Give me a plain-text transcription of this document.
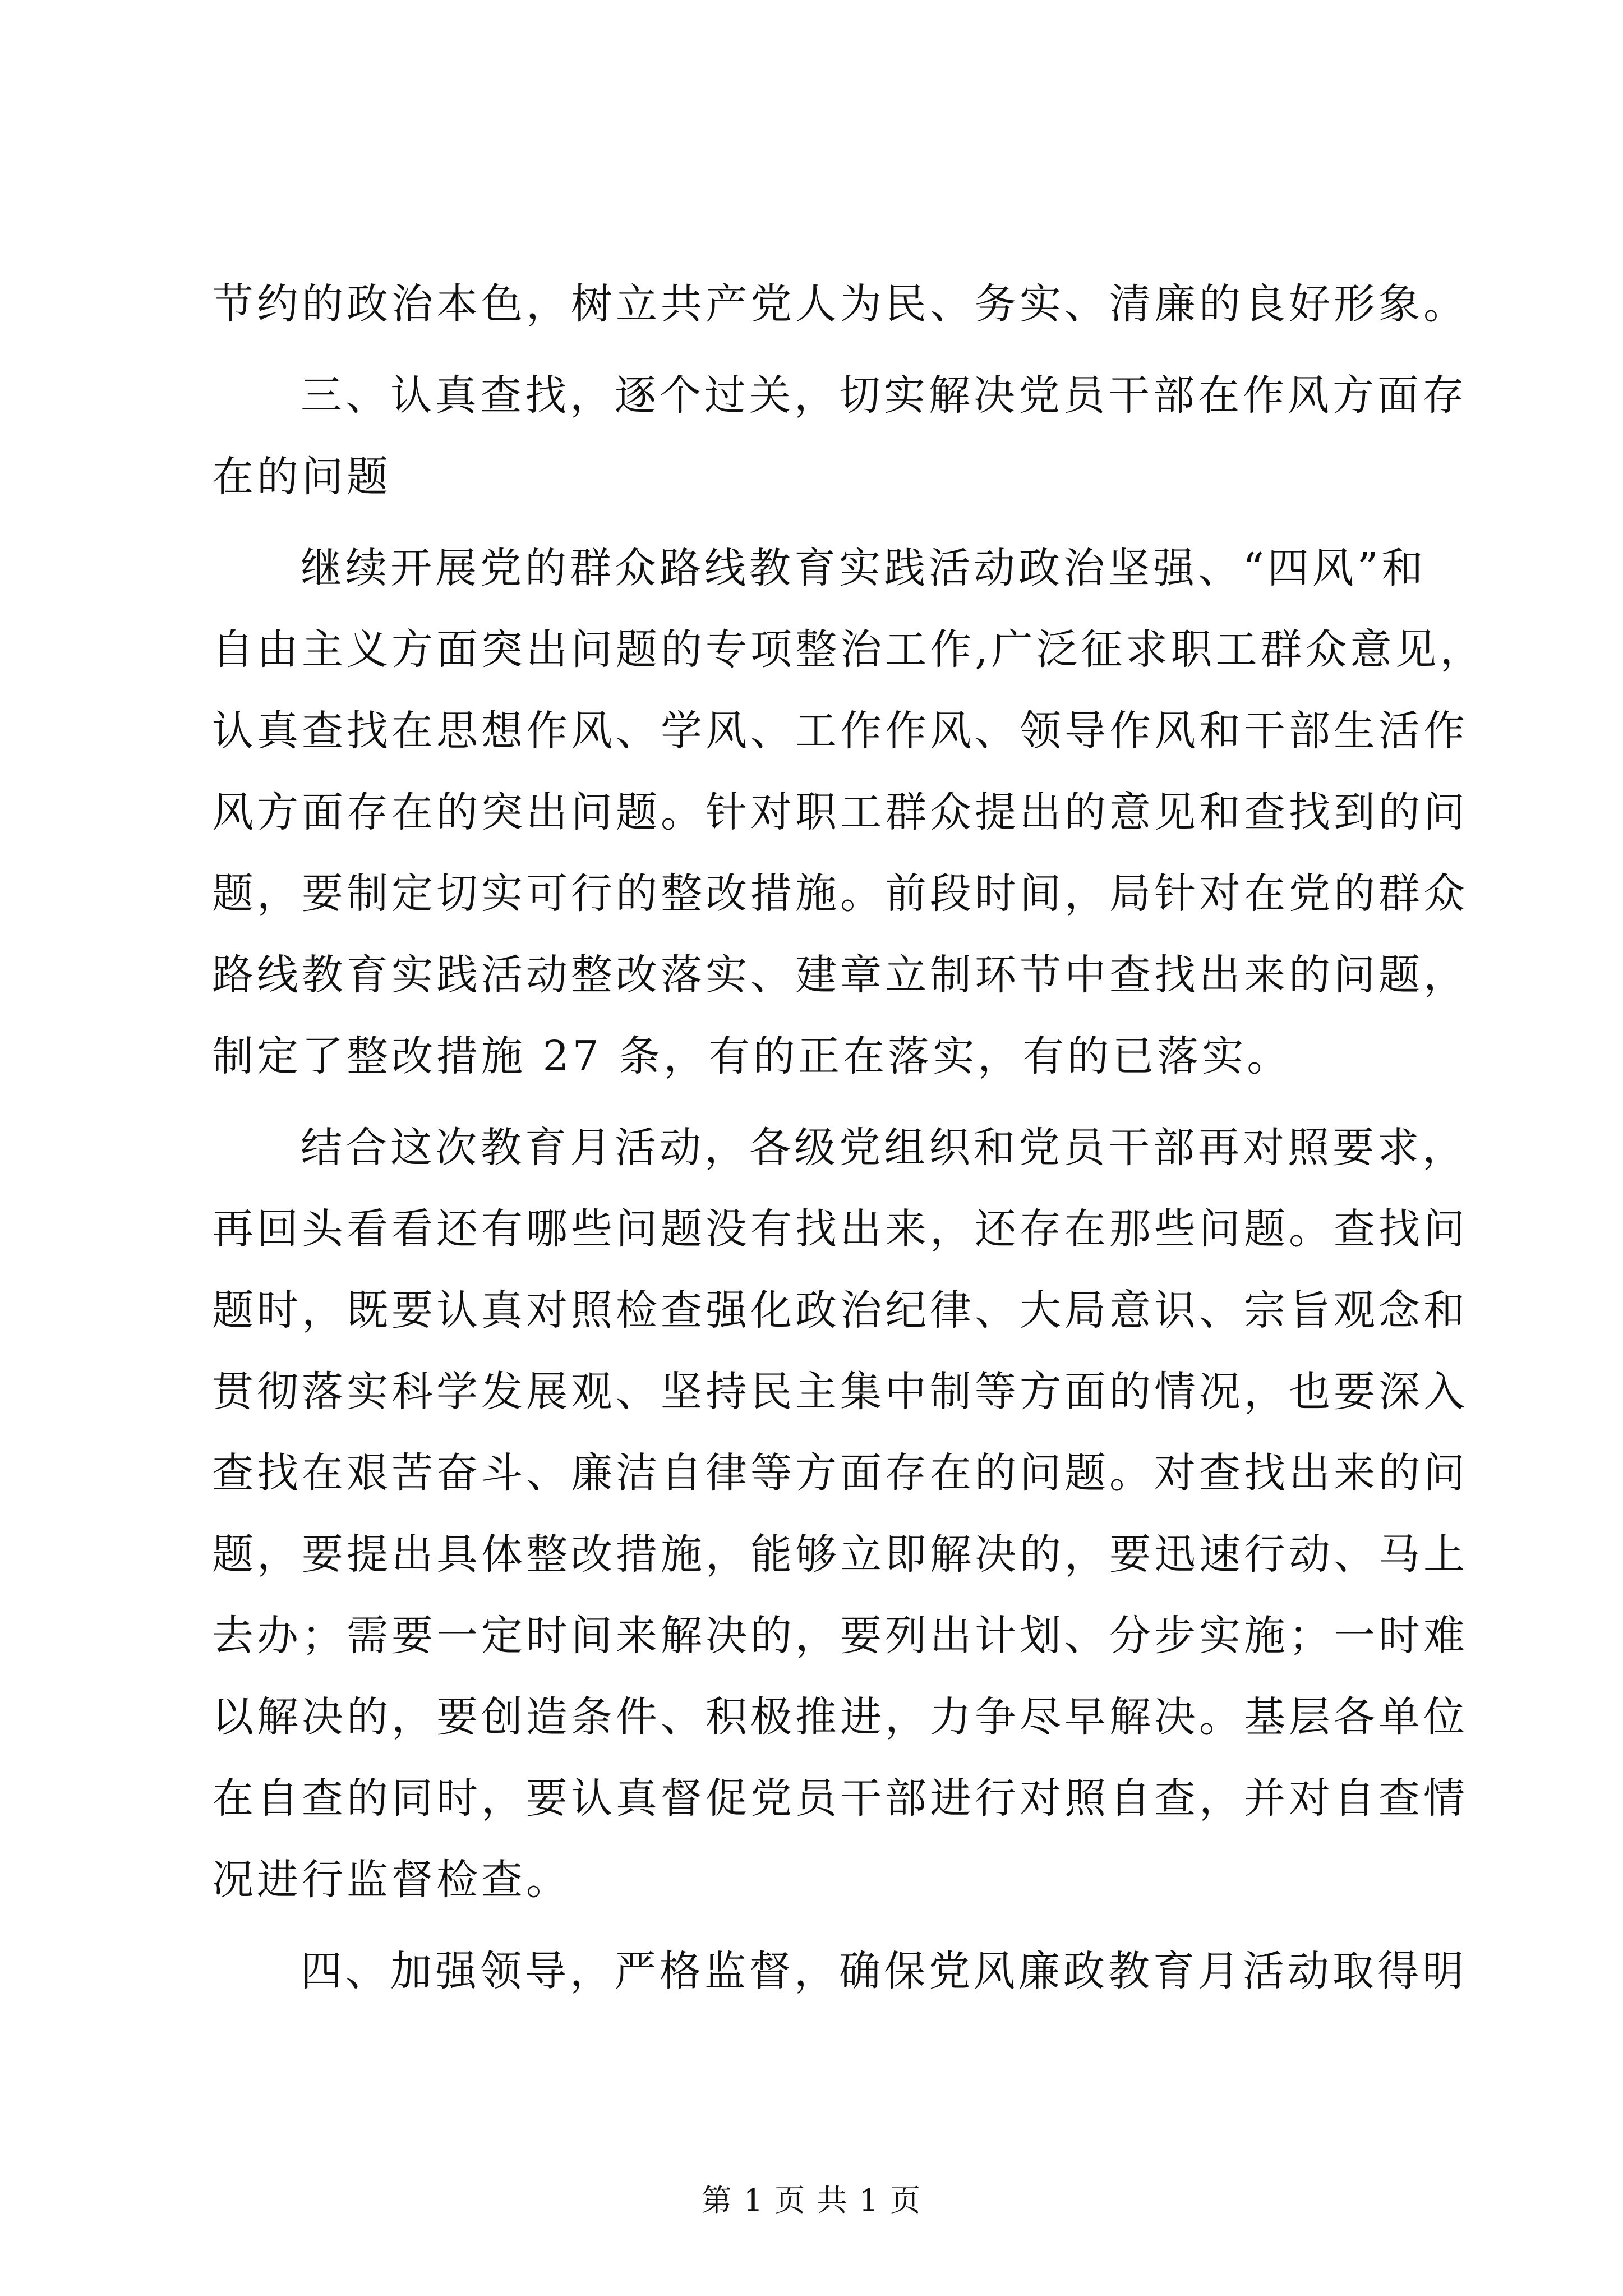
节约的政治本色，树立共产党人为民、务实、清廉的良好形象。
三、认真查找，逐个过关，切实解决党员干部在作风方面存
在的问题
继续开展党的群众路线教育实践活动政治坚强、“四风”和
自由主义方面突出问题的专项整治工作,广泛征求职工群众意见，
认真查找在思想作风、学风、工作作风、领导作风和干部生活作
风方面存在的突出问题。针对职工群众提出的意见和查找到的问
题，要制定切实可行的整改措施。前段时间，局针对在党的群众
路线教育实践活动整改落实、建章立制环节中查找出来的问题，
制定了整改措施 27 条，有的正在落实，有的已落实。
结合这次教育月活动，各级党组织和党员干部再对照要求，
再回头看看还有哪些问题没有找出来，还存在那些问题。查找问
题时，既要认真对照检查强化政治纪律、大局意识、宗旨观念和
贯彻落实科学发展观、坚持民主集中制等方面的情况，也要深入
查找在艰苦奋斗、廉洁自律等方面存在的问题。对查找出来的问
题，要提出具体整改措施，能够立即解决的，要迅速行动、马上
去办；需要一定时间来解决的，要列出计划、分步实施；一时难
以解决的，要创造条件、积极推进，力争尽早解决。基层各单位
在自查的同时，要认真督促党员干部进行对照自查，并对自查情
况进行监督检查。
四、加强领导，严格监督，确保党风廉政教育月活动取得明
第 1 页 共 1 页
